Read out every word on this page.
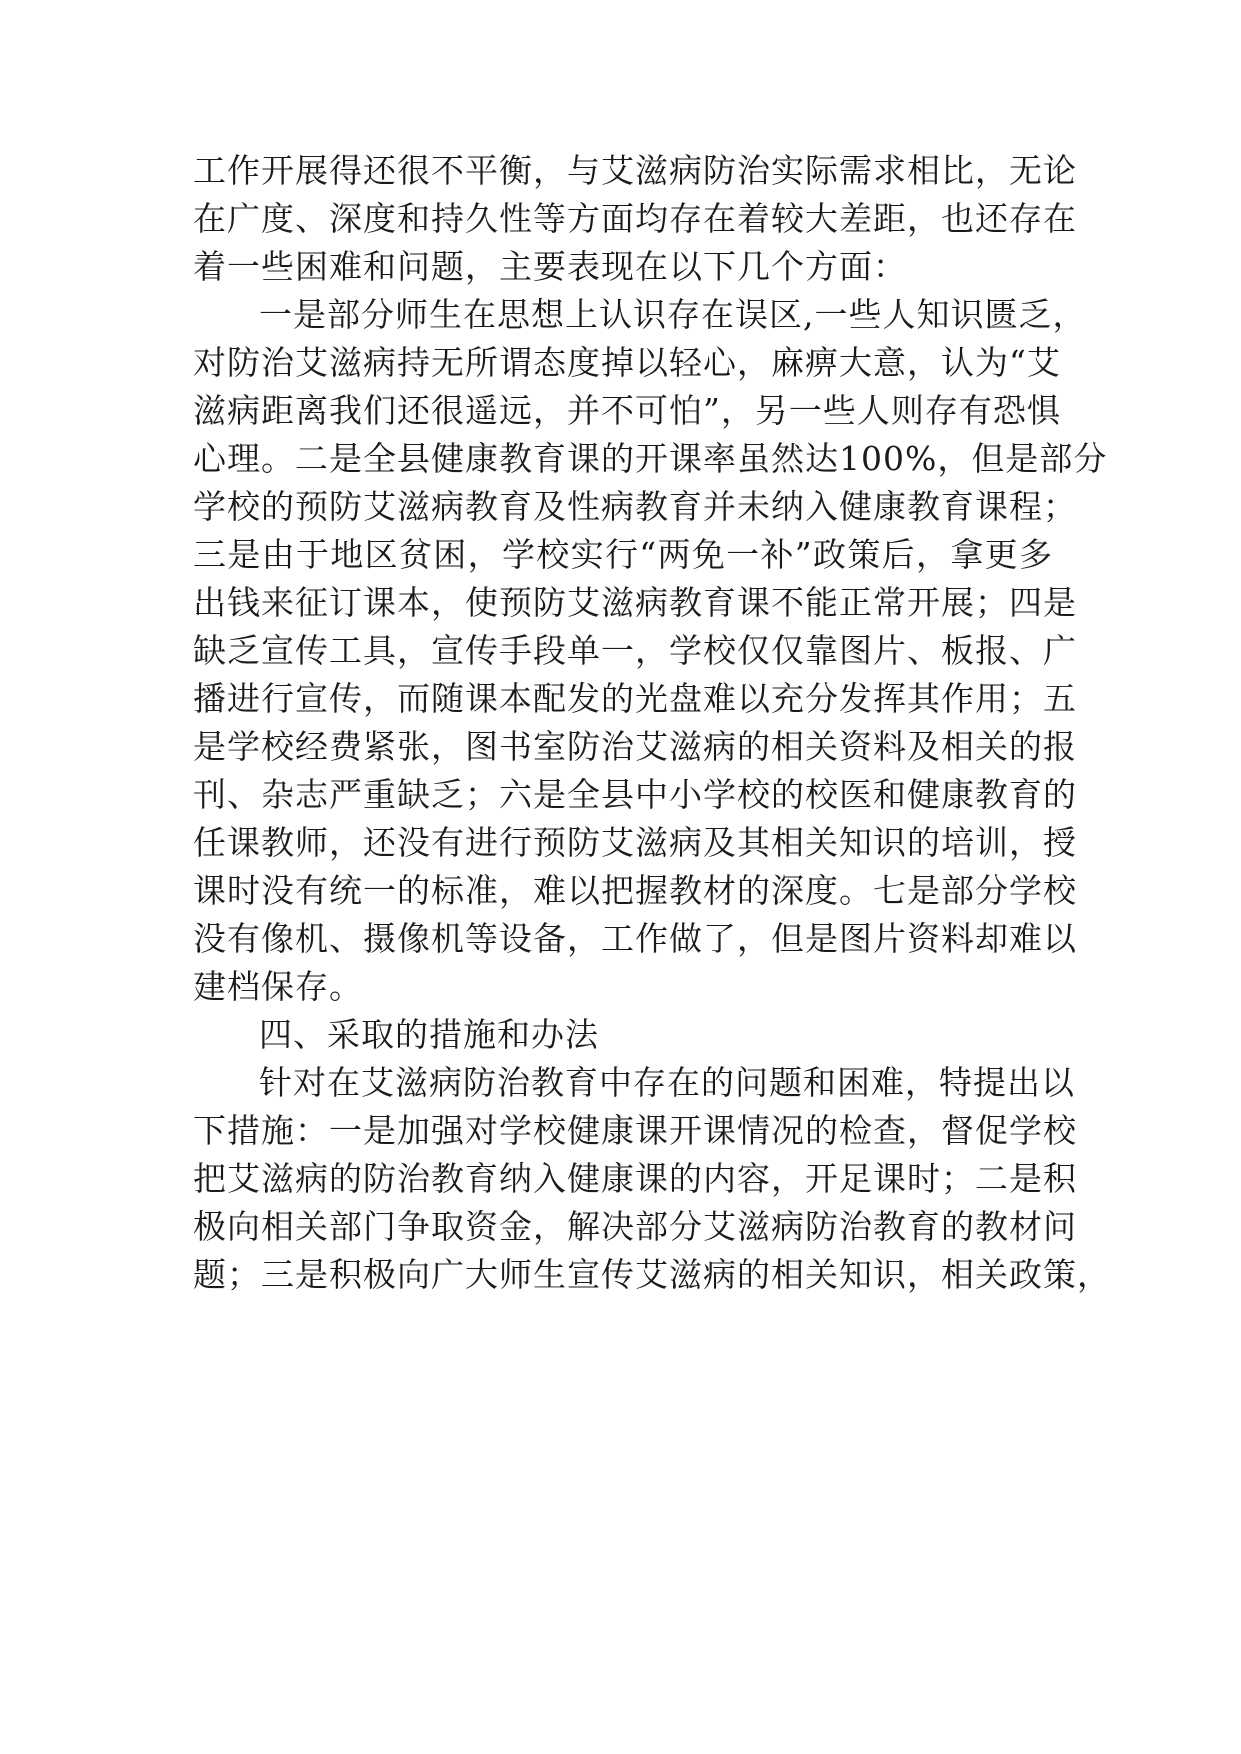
工作开展得还很不平衡，与艾滋病防治实际需求相比，无论
在广度、深度和持久性等方面均存在着较大差距，也还存在
着一些困难和问题，主要表现在以下几个方面：
一是部分师生在思想上认识存在误区,一些人知识匮乏，
对防治艾滋病持无所谓态度掉以轻心，麻痹大意，认为“艾
滋病距离我们还很遥远，并不可怕”，另一些人则存有恐惧
心理。二是全县健康教育课的开课率虽然达100%，但是部分
学校的预防艾滋病教育及性病教育并未纳入健康教育课程；
三是由于地区贫困，学校实行“两免一补”政策后，拿更多
出钱来征订课本，使预防艾滋病教育课不能正常开展；四是
缺乏宣传工具，宣传手段单一，学校仅仅靠图片、板报、广
播进行宣传，而随课本配发的光盘难以充分发挥其作用；五
是学校经费紧张，图书室防治艾滋病的相关资料及相关的报
刊、杂志严重缺乏；六是全县中小学校的校医和健康教育的
任课教师，还没有进行预防艾滋病及其相关知识的培训，授
课时没有统一的标准，难以把握教材的深度。七是部分学校
没有像机、摄像机等设备，工作做了，但是图片资料却难以
建档保存。
四、采取的措施和办法
针对在艾滋病防治教育中存在的问题和困难，特提出以
下措施：一是加强对学校健康课开课情况的检查，督促学校
把艾滋病的防治教育纳入健康课的内容，开足课时；二是积
极向相关部门争取资金，解决部分艾滋病防治教育的教材问
题；三是积极向广大师生宣传艾滋病的相关知识，相关政策，
